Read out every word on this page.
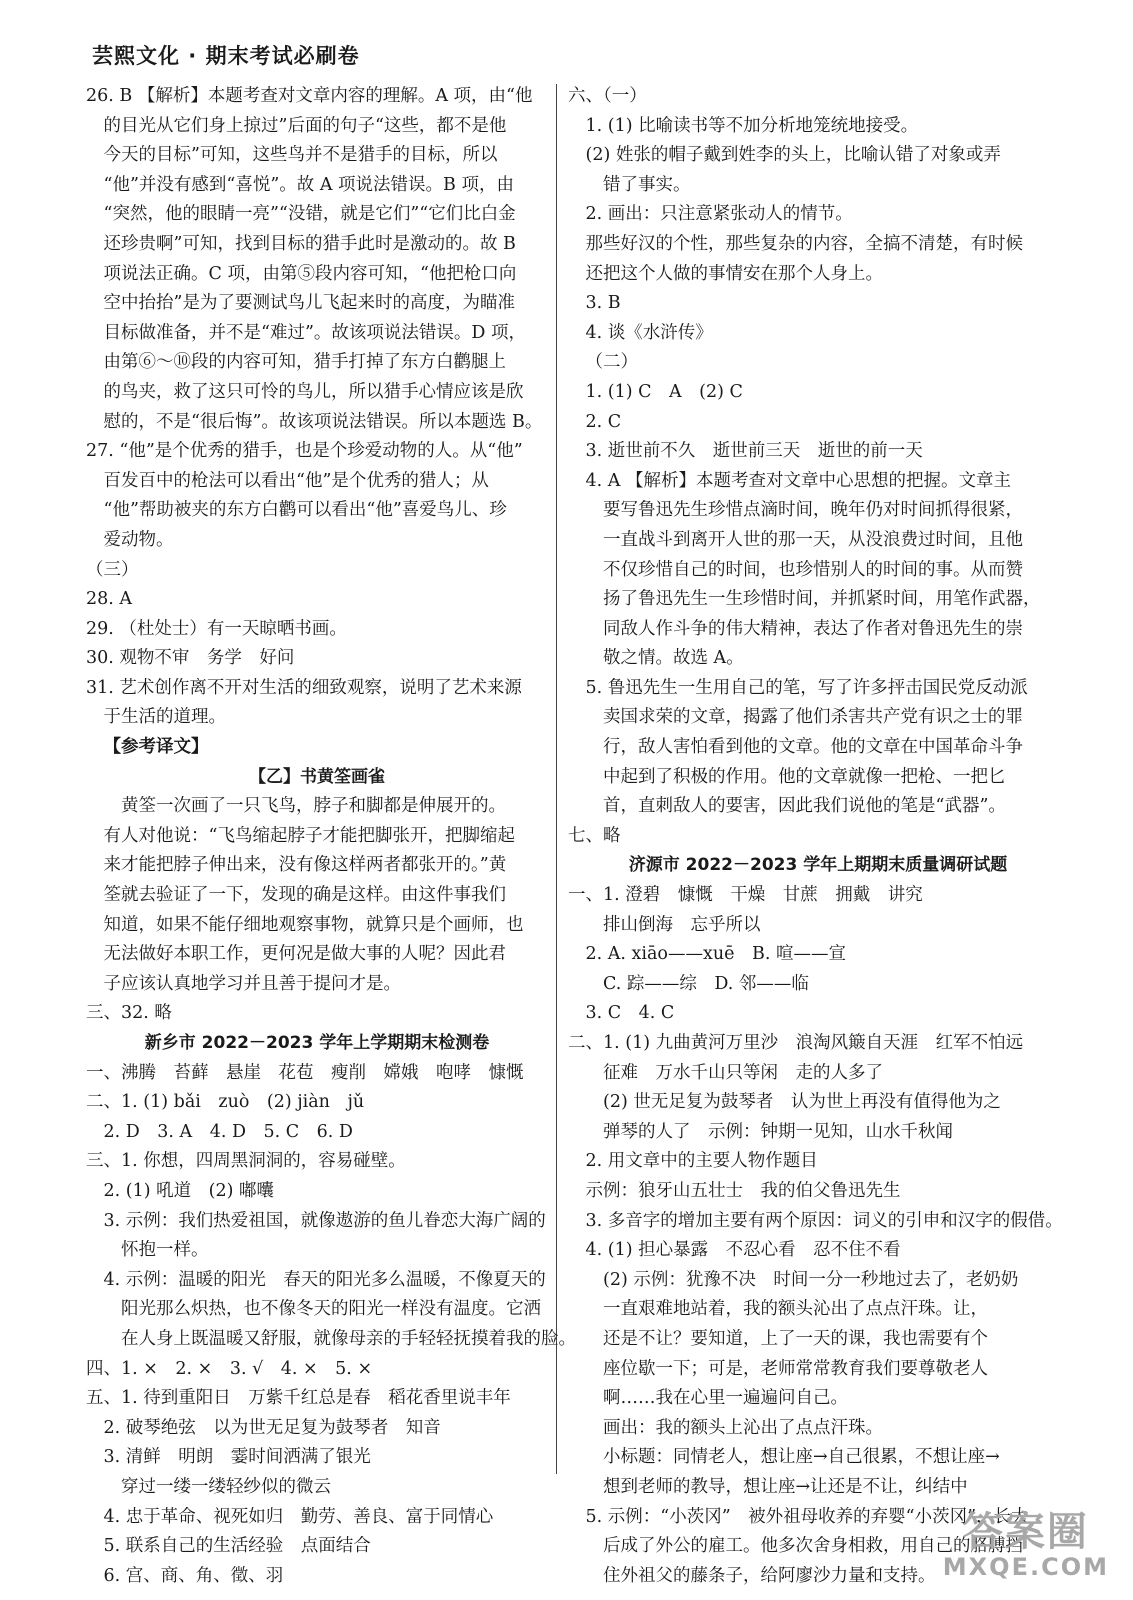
芸熙文化 · 期末考试必刷卷
26. B 【解析】本题考查对文章内容的理解。A 项，由“他
的目光从它们身上掠过”后面的句子“这些，都不是他
今天的目标”可知，这些鸟并不是猎手的目标，所以
“他”并没有感到“喜悦”。故 A 项说法错误。B 项，由
“突然，他的眼睛一亮”“没错，就是它们”“它们比白金
还珍贵啊”可知，找到目标的猎手此时是激动的。故 B
项说法正确。C 项，由第⑤段内容可知，“他把枪口向
空中抬抬”是为了要测试鸟儿飞起来时的高度，为瞄准
目标做准备，并不是“难过”。故该项说法错误。D 项，
由第⑥～⑩段的内容可知，猎手打掉了东方白鹳腿上
的鸟夹，救了这只可怜的鸟儿，所以猎手心情应该是欣
慰的，不是“很后悔”。故该项说法错误。所以本题选 B。
27. “他”是个优秀的猎手，也是个珍爱动物的人。从“他”
百发百中的枪法可以看出“他”是个优秀的猎人；从
“他”帮助被夹的东方白鹳可以看出“他”喜爱鸟儿、珍
爱动物。
（三）
28. A
29. （杜处士）有一天晾晒书画。
30. 观物不审　务学　好问
31. 艺术创作离不开对生活的细致观察，说明了艺术来源
于生活的道理。
【参考译文】
【乙】书黄筌画雀
黄筌一次画了一只飞鸟，脖子和脚都是伸展开的。
有人对他说：“飞鸟缩起脖子才能把脚张开，把脚缩起
来才能把脖子伸出来，没有像这样两者都张开的。”黄
筌就去验证了一下，发现的确是这样。由这件事我们
知道，如果不能仔细地观察事物，就算只是个画师，也
无法做好本职工作，更何况是做大事的人呢？因此君
子应该认真地学习并且善于提问才是。
三、32. 略
新乡市 2022－2023 学年上学期期末检测卷
一、沸腾　苔藓　悬崖　花苞　瘦削　嫦娥　咆哮　慷慨
二、1. (1) bǎi　zuò　(2) jiàn　jǔ
2. D　3. A　4. D　5. C　6. D
三、1. 你想，四周黑洞洞的，容易碰壁。
2. (1) 吼道　(2) 嘟囔
3. 示例：我们热爱祖国，就像遨游的鱼儿眷恋大海广阔的
怀抱一样。
4. 示例：温暖的阳光　春天的阳光多么温暖，不像夏天的
阳光那么炽热，也不像冬天的阳光一样没有温度。它洒
在人身上既温暖又舒服，就像母亲的手轻轻抚摸着我的脸。
四、1. ×　2. ×　3. √　4. ×　5. ×
五、1. 待到重阳日　万紫千红总是春　稻花香里说丰年
2. 破琴绝弦　以为世无足复为鼓琴者　知音
3. 清鲜　明朗　霎时间洒满了银光
穿过一缕一缕轻纱似的微云
4. 忠于革命、视死如归　勤劳、善良、富于同情心
5. 联系自己的生活经验　点面结合
6. 宫、商、角、徵、羽
六、（一）
1. (1) 比喻读书等不加分析地笼统地接受。
(2) 姓张的帽子戴到姓李的头上，比喻认错了对象或弄
错了事实。
2. 画出：只注意紧张动人的情节。
那些好汉的个性，那些复杂的内容，全搞不清楚，有时候
还把这个人做的事情安在那个人身上。
3. B
4. 谈《水浒传》
（二）
1. (1) C　A　(2) C
2. C
3. 逝世前不久　逝世前三天　逝世的前一天
4. A 【解析】本题考查对文章中心思想的把握。文章主
要写鲁迅先生珍惜点滴时间，晚年仍对时间抓得很紧，
一直战斗到离开人世的那一天，从没浪费过时间，且他
不仅珍惜自己的时间，也珍惜别人的时间的事。从而赞
扬了鲁迅先生一生珍惜时间，并抓紧时间，用笔作武器，
同敌人作斗争的伟大精神，表达了作者对鲁迅先生的崇
敬之情。故选 A。
5. 鲁迅先生一生用自己的笔，写了许多抨击国民党反动派
卖国求荣的文章，揭露了他们杀害共产党有识之士的罪
行，敌人害怕看到他的文章。他的文章在中国革命斗争
中起到了积极的作用。他的文章就像一把枪、一把匕
首，直刺敌人的要害，因此我们说他的笔是“武器”。
七、略
济源市 2022－2023 学年上期期末质量调研试题
一、1. 澄碧　慷慨　干燥　甘蔗　拥戴　讲究
排山倒海　忘乎所以
2. A. xiāo——xuē　B. 喧——宣
C. 踪——综　D. 邻——临
3. C　4. C
二、1. (1) 九曲黄河万里沙　浪淘风簸自天涯　红军不怕远
征难　万水千山只等闲　走的人多了
(2) 世无足复为鼓琴者　认为世上再没有值得他为之
弹琴的人了　示例：钟期一见知，山水千秋闻
2. 用文章中的主要人物作题目
示例：狼牙山五壮士　我的伯父鲁迅先生
3. 多音字的增加主要有两个原因：词义的引申和汉字的假借。
4. (1) 担心暴露　不忍心看　忍不住不看
(2) 示例：犹豫不决　时间一分一秒地过去了，老奶奶
一直艰难地站着，我的额头沁出了点点汗珠。让，
还是不让？要知道，上了一天的课，我也需要有个
座位歇一下；可是，老师常常教育我们要尊敬老人
啊……我在心里一遍遍问自己。
画出：我的额头上沁出了点点汗珠。
小标题：同情老人，想让座→自己很累，不想让座→
想到老师的教导，想让座→让还是不让，纠结中
5. 示例：“小茨冈”　被外祖母收养的弃婴“小茨冈”，长大
后成了外公的雇工。他多次舍身相救，用自己的胳膊挡
住外祖父的藤条子，给阿廖沙力量和支持。
答案圈
MXQE.COM
